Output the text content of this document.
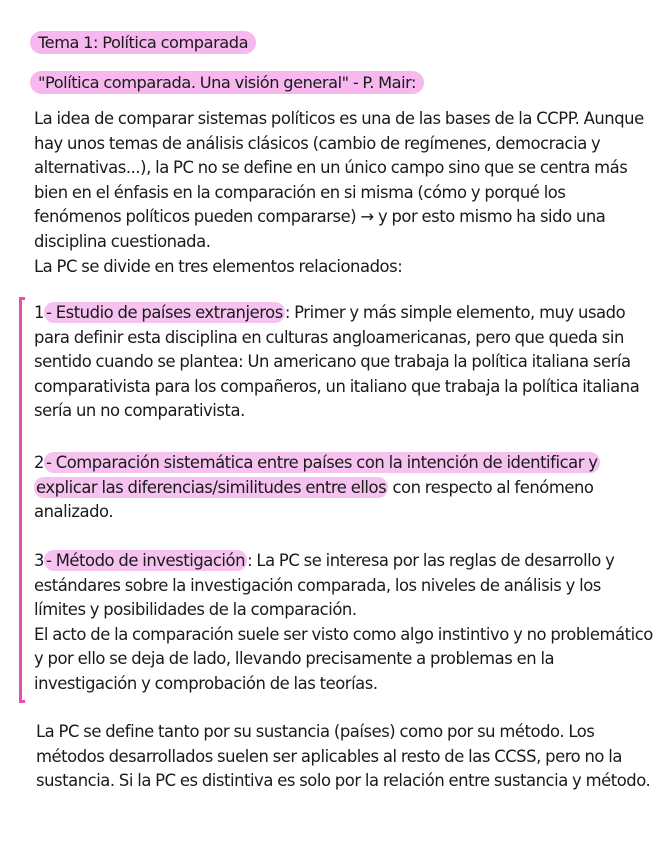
Tema 1: Política comparada
"Política comparada. Una visión general" - P. Mair:

La idea de comparar sistemas políticos es una de las bases de la CCPP. Aunque hay unos temas de análisis clásicos (cambio de regímenes, democracia y alternativas...), la PC no se define en un único campo sino que se centra más bien en el énfasis en la comparación en si misma (cómo y porqué los fenómenos políticos pueden compararse) → y por esto mismo ha sido una disciplina cuestionada.

La PC se divide en tres elementos relacionados:

1 - Estudio de países extranjeros : Primer y más simple elemento, muy usado para definir esta disciplina en culturas angloamericanas, pero que queda sin sentido cuando se plantea: Un americano que trabaja la política italiana sería comparativista para los compañeros, un italiano que trabaja la política italiana sería un no comparativista.
2 - Comparación sistemática entre países con la intención de identificar y explicar las diferencias/similitudes entre ellos con respecto al fenómeno analizado.

3 - Método de investigación : La PC se interesa por las reglas de desarrollo y estándares sobre la investigación comparada, los niveles de análisis y los límites y posibilidades de la comparación.

El acto de la comparación suele ser visto como algo instintivo y no problemático y por ello se deja de lado, llevando precisamente a problemas en la investigación y comprobación de las teorías.

La PC se define tanto por su sustancia (países) como por su método. Los métodos desarrollados suelen ser aplicables al resto de las CCSS, pero no la sustancia. Si la PC es distintiva es solo por la relación entre sustancia y método.
